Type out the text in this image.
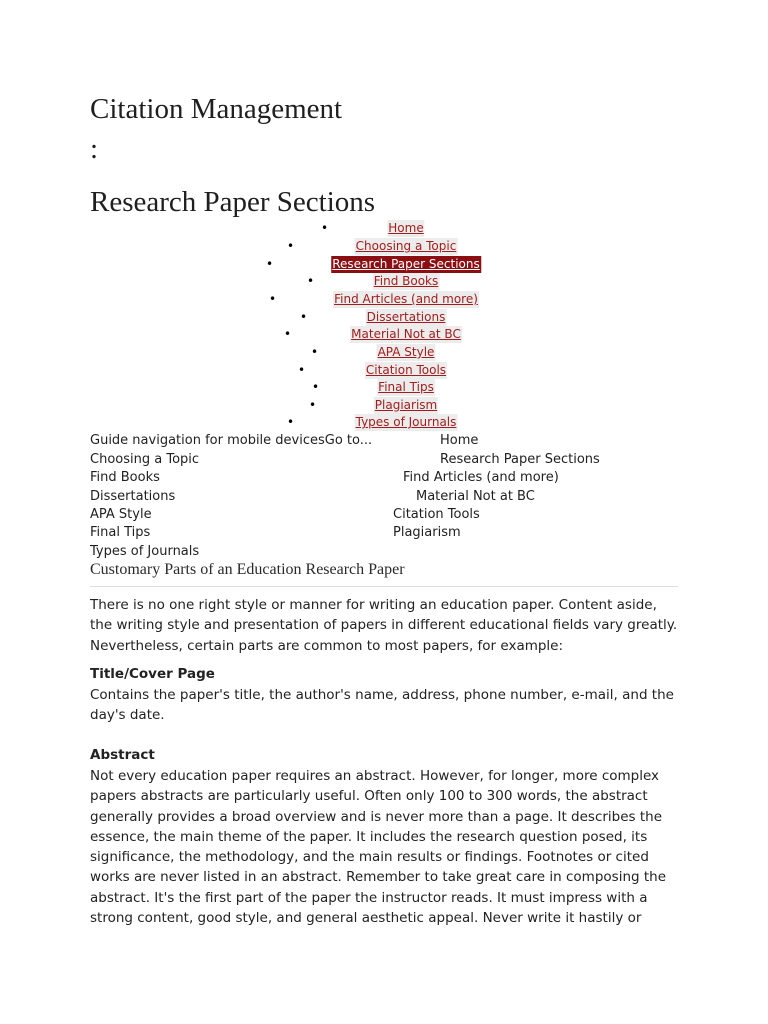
Citation Management
:
Research Paper Sections
•	Home
•	Choosing a Topic
•	Research Paper Sections
•	Find Books
•	Find Articles (and more)
•	Dissertations
•	Material Not at BC
•	APA Style
•	Citation Tools
•	Final Tips
•	Plagiarism
•	Types of Journals
Guide navigation for mobile devicesGo to...	Home
Choosing a Topic	Research Paper Sections
Find Books	Find Articles (and more)
Dissertations	Material Not at BC
APA Style	Citation Tools
Final Tips	Plagiarism
Types of Journals
Customary Parts of an Education Research Paper

There is no one right style or manner for writing an education paper. Content aside, the writing style and presentation of papers in different educational fields vary greatly. Nevertheless, certain parts are common to most papers, for example:

Title/Cover Page

Contains the paper's title, the author's name, address, phone number, e-mail, and the day's date.

Abstract

Not every education paper requires an abstract. However, for longer, more complex papers abstracts are particularly useful. Often only 100 to 300 words, the abstract generally provides a broad overview and is never more than a page. It describes the essence, the main theme of the paper. It includes the research question posed, its significance, the methodology, and the main results or findings. Footnotes or cited works are never listed in an abstract. Remember to take great care in composing the abstract. It's the first part of the paper the instructor reads. It must impress with a strong content, good style, and general aesthetic appeal. Never write it hastily or
